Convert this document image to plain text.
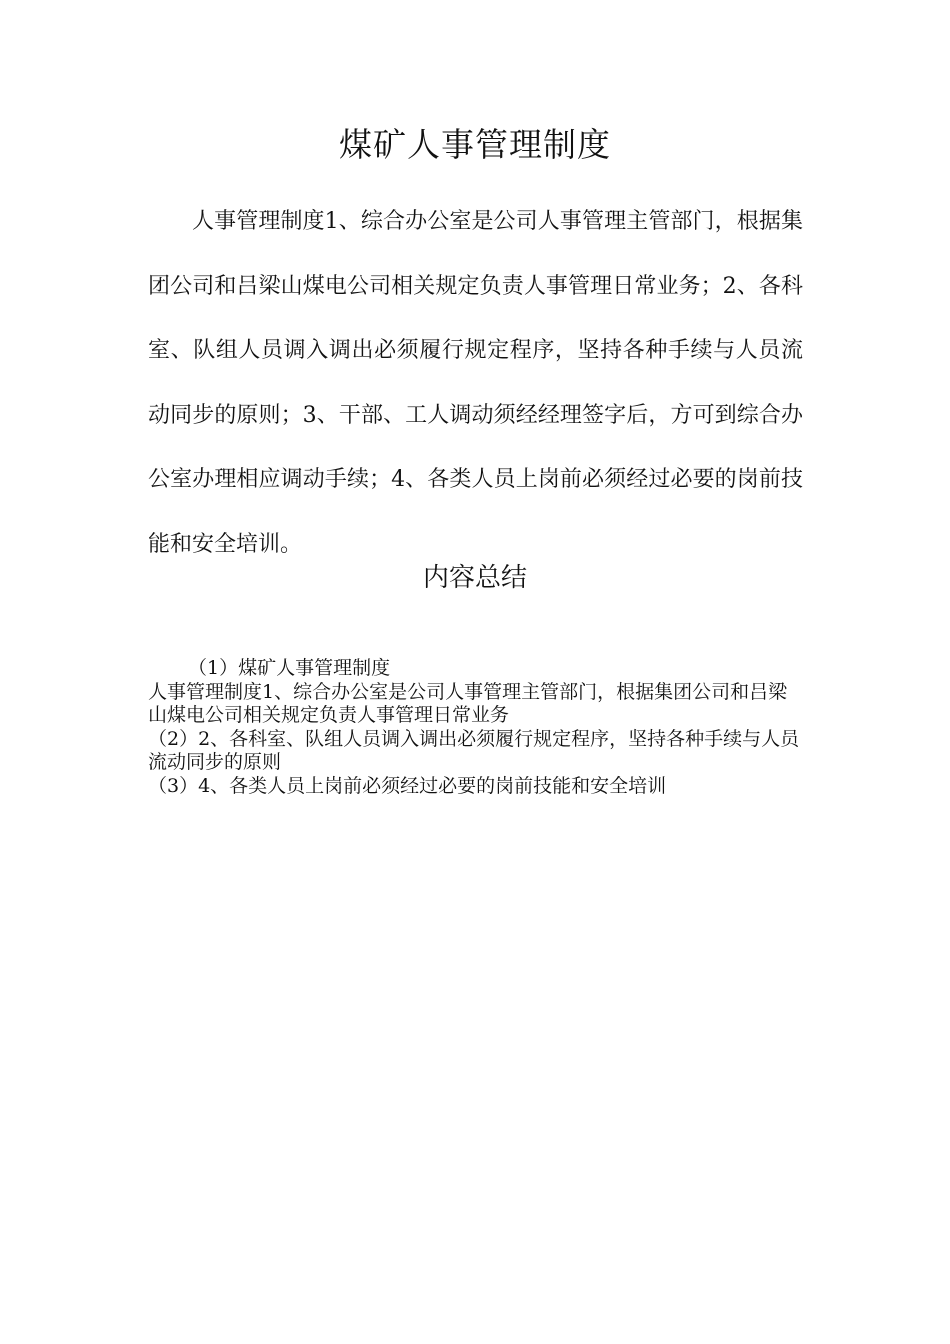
煤矿人事管理制度

人事管理制度1、综合办公室是公司人事管理主管部门，根据集团公司和吕梁山煤电公司相关规定负责人事管理日常业务；2、各科室、队组人员调入调出必须履行规定程序，坚持各种手续与人员流动同步的原则；3、干部、工人调动须经经理签字后，方可到综合办公室办理相应调动手续；4、各类人员上岗前必须经过必要的岗前技能和安全培训。

内容总结

（1）煤矿人事管理制度

人事管理制度1、综合办公室是公司人事管理主管部门，根据集团公司和吕梁山煤电公司相关规定负责人事管理日常业务

（2）2、各科室、队组人员调入调出必须履行规定程序，坚持各种手续与人员流动同步的原则

（3）4、各类人员上岗前必须经过必要的岗前技能和安全培训
